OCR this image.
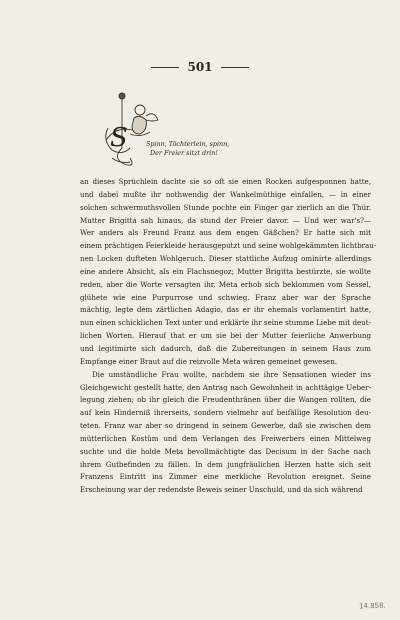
501
S	Spinn, Töchterlein, spinn,
Der Freier sitzt drin!
an dieses Sprüchlein dachte sie so oft sie einen Rocken aufgesponnen hatte,
und dabei mußte ihr nothwendig der Wankelmüthige einfallen, — in einer
solchen schwermuthsvollen Stunde pochte ein Finger gar zierlich an die Thür.
Mutter Brigitta sah hinaus, da stund der Freier davor. — Und wer war's?—
Wer anders als Freund Franz aus dem engen Gäßchen? Er hatte sich mit
einem prächtigen Feierkleide herausgeputzt und seine wohlgekämmten lichtbrau-
nen Locken dufteten Wohlgeruch. Dieser stattliche Aufzug ominirte allerdings
eine andere Absicht, als ein Flachsnegoz; Mutter Brigitta bestürzte, sie wollte
reden, aber die Worte versagten ihr. Meta erhob sich beklommen vom Sessel,
glühete wie eine Purpurrose und schwieg. Franz aber war der Sprache
mächtig, legte dem zärtlichen Adagio, das er ihr ehemals vorlamentirt hatte,
nun einen schicklichen Text unter und erklärte ihr seine stumme Liebe mit deut-
lichen Worten. Hierauf that er um sie bei der Mutter feierliche Anwerbung
und legitimirte sich dadurch, daß die Zubereitungen in seinem Haus zum
Empfange einer Braut auf die reizvolle Meta wären gemeinet gewesen.
Die umständliche Frau wollte, nachdem sie ihre Sensationen wieder ins
Gleichgewicht gestellt hatte, den Antrag nach Gewohnheit in achttägige Ueber-
legung ziehen; ob ihr gleich die Freudenthränen über die Wangen rollten, die
auf kein Hinderniß ihrerseits, sondern vielmehr auf beifällige Resolution deu-
teten. Franz war aber so dringend in seinem Gewerbe, daß sie zwischen dem
mütterlichen Kostüm und dem Verlangen des Freiwerbers einen Mittelweg
suchte und die holde Meta bevollmächtigte das Decisum in der Sache nach
ihrem Gutbefinden zu fällen. In dem jungfräulichen Herzen hatte sich seit
Franzens Eintritt ins Zimmer eine merkliche Revolution ereignet. Seine
Erscheinung war der redendste Beweis seiner Unschuld, und da sich während
14.858.
